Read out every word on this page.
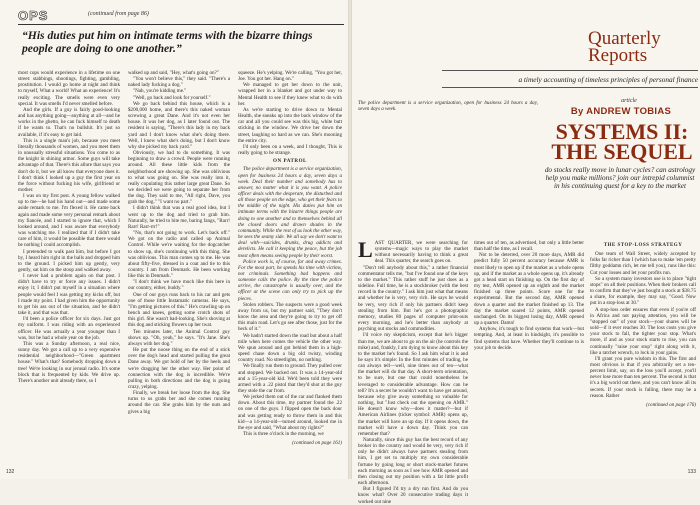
OPS	(continued from page 86)
“His duties put him on intimate terms with the bizarre things people are doing to one another.”

most cops would experience in a lifetime on one street: stabbings, shootings, fighting, gambling, prostitution. I would go home at night and think to myself, What a world! What an experience! It's really exciting. The smells were even very special. It was smells I'd never smelled before.

And the girls. If a guy is fairly good-looking and has anything going—anything at all—and he works in the ghetto, he can fuck himself to death if he wants to. That's no bullshit. It's just so available, if it's easy to get laid.

This is a single man's job, because you meet literally thousands of women, and you meet them in unusually stressful situations. You come to as the knight in shining armor. Some guys will take advantage of that. There's this allure that says you don't do it, but we all know that everyone does it. I don't think I looked up a guy the first year on the force without fucking his wife, girlfriend or mother.

I was on my first post. A young fellow walked up to me—he had his hand out—and made some aside remark to me. I'm flexed it. He came back again and made some very personal remark about my fiancée, and I started to ignore that, which I looked around, and I was aware that everybody was watching me. I realized that if I didn't take care of him, it would be possible that there would be nothing I could accomplish.

I pretended to walk past him, but before I got by, I heard him right in the balls and dropped him to the ground. I picked him up gently, very gently, sat him on the stoop and walked away.

I never had a problem again on that post. I didn't have to try or force any issues. I didn't enjoy it; I didn't put myself in a situation where people would feel I was getting my kicks off, but I made my point. I had given him the opportunity to get his ass out of the situation, and he didn't take it, and that was that.

I'd been a police officer for six days. Just got my uniform. I was riding with an experienced officer. He was actually a year younger than I was, but he had a whole year on the job.

This was a Sunday afternoon, a real nice, sunny day. We got a call up to a very expensive residential neighborhood—"Green apartment house." What's that? Somebody dropping down a tree! We're looking in our jerusal radio. It's some block that is frequented by kids. We drive up. There's another unit already there, so I

walked up and said, "Hey, what's going on?"

"You won't believe this," they said. "There's a naked lady fucking a dog."

"Nah, you're kidding me."

"Well, go back and look for yourself."

We go back behind this house, which is a $200,000 home, and there's this naked woman screwing a great Dane. And it's not even her house. It was her dog, as I later found out. The resident is saying, "There's this lady in my back yard and I don't know what she's doing there. Well, I knew what she's doing, but I don't know why she picked my back yard."

Obviously, we had to do something. It was beginning to draw a crowd. People were running around. All these little kids from the neighborhood are showing up. She was oblivious to what was going on. She was really into it, really copulating this rather large great Dane. So we decided we were going to separate her from the dog. They said to me, "All right, Dave, you grab the dog." "I want no part."

I didn't think that was a real good idea, but I went up to the dog and tried to grab him. Naturally, he tried to bite me, baring fangs, "Rarr! Rarr! Rarr-rrr!"

"No, that's not going to work. Let's back off." We got on the radio and called up Animal Control. While we're waiting for the dogcatcher to show up, she's continuing with this thing. She was oblivious. This man comes up to me. He was about fifty-five, dressed in a coat and tie to this country. I am from Denmark. He been working like this in Denmark."

"I don't think we have much like this here in our country, either, buddy."

One of our guys runs back to his car and gets one of those little Instamatic cameras. He says, "I'm getting pictures of this." He's crawling up on bench and knees, getting some crotch shots of this girl. She wasn't bad-looking. She's shoving at this dog and sticking flowers up her twat.

Ten minutes later, the Animal Control guy shows up. "Oh, yeah," he says. "It's Jane. She's always with her dog."

He put the noose thing on the end of a stick over the dog's head and started pulling the great Dane away. We got hold of her by the heels and we're dragging her the other way. Her point of connection with the dog is incredible. We're pulling in both directions and the dog is going crazy, yelping.

Finally, we break her loose from the dog. She turns to us grabs her and she comes running around the car. She grabs him by the nuts and gives a big

squeeze. He's yelping. We're calling, "You got her, Joe. You got her. Hang on."

We managed to get her down to the unit, wrapped her in a blanket and got under way to Mental Health to see if they knew what to do with her.

As we're starting to drive down to Mental Health, she sneaks up into the back window of the car and all you could see was this big, white butt sticking in the window. We drive her down the street, laughing so hard as we can. She's mooning the entire city.

I'd only been on a week, and I thought, This is really going to be strange.

ON PATROL

The police department is a service organization, open for business 24 hours a day, seven days a week. Deal their number and somebody has to answer, no matter what it is you want. A police officer deals with the desperate, the disturbed and all those people on the edge, who get their fears to the middle of the night. His duties put him on intimate terms with the bizarre things people are doing to one another and to themselves behind all the closed doors and drawn shades in the community. While the rest of us look the other way, he sees the seamy side. We all say we don't want to deal with—suicides, drunks, drug addicts and derelicts. He call it keeping the peace, but the job most often means seeing people by their worst.

Police work is, of course, far and away crimes. For the most part, he spends his time with victims, not criminals. Something bad happens and someone calls the police. By the time the police arrive, the catastrophe is usually over, and the officer at the scene can only try to pick up the pieces.

Stolen robbers. The suspects were a good week away from us, but my partner said, "They don't know the area and they're going to try to get off this main road. Let's go see after those, just for the heck of it."

We hadn't started down the road but about a half mile when here comes the vehicle the other way. We spun around and got behind them in a high-speed chase down a big old twisty, winding country road. No streetlights, no nothing.

We finally run them to ground. They pulled over and stopped. We backed out. It was a 14-year-old and a 15-year-old kid. We'd been told they were armed with a .22 pistol that they'd shot at the guy they stole the car from.

We jerked them out of the car and flanked them down. About this time, my partner found the .22 on one of the guys. I flipped open the back door and was getting ready to throw them in and this kid—a 14-year-old—turned around, looked me in the eye and said, "What about my rights?"

This is three o'clock in the morning, we

(continued on page 161)
132
Quarterly Reports
a timely accounting of timeless principles of personal finance

The police department is a service organization, open for business 24 hours a day, seven days a week.

article
By ANDREW TOBIAS
SYSTEMS II: THE SEQUEL
do stocks really move in lunar cycles? can astrology help you make millions? join our intrepid columnist in his continuing quest for a key to the market

LAST QUARTER, we were searching for systems—magic ways to play the market without necessarily having to think a great deal. This quarter, the search goes on.

"Don't tell anybody about this," a rather financial commentator tells me, "but I've found one of the keys to the market." This rather stuff he just does as a sideline. Full time, he is a stockbroker (with the best record in the country." I ask him just what that means and whether he is very, very rich. He says he would be very, very rich if only his partners didn't keep stealing from him. But he's got a photographic memory, studies 80 pages of computer print-outs every morning, and he's better than anybody at psyching out stocks and commodities.

I'd voice my skepticism, except that he's bigger than me, we are about to go on the air (he controls the mike) and, frankly, I am dying to know about this key to the market he's found. So I ask him what it is and he says it's simple: In the first minutes of trading, he can always tell—well, nine times out of ten—what the market will do that day. A short-term orientation, to be sure, but one that could nonetheless be leveraged to considerable advantage. How can he tell? It's a secret he wouldn't want to have get around, because why give away something so valuable for nothing, but "Just check out the opening on AMR." He doesn't know why—does it matter?—but if American Airlines (ticker symbol: AMR) opens up, the market will have an up day. If it opens down, the market will have a down day. Think you can remember that?

Naturally, since this guy has the best record of any broker in the country and would be very, very rich if only he didn't always have partners stealing from him, I get set to multiply my own considerable fortune by going long or short stock-market futures each morning as soon as I see how AMR opened and then closing out my position with a fat little profit each afternoon.

But I figured I'd try a dry run first. And do you know what? Over 20 consecutive trading days it worked out nine

times out of ten, as advertised, but only a little better than half the time, as I recall.

Not to be deterred, over 20 more days, AMR did predict fully 50 percent accuracy because AMR is most likely to open up if the market as a whole opens up, and if the market as a whole opens up, it's already got a head start on finishing up. On the first day of my test, AMR opened up an eighth and the market finished up three points. Score one for the experimental. But the second day, AMR opened down a quarter and the market finished up 13. The day the market soared 12 points, AMR opened unchanged. On its biggest losing day, AMR opened up a quarter. Damn!

Anyhow, it's tough to find systems that work—but tempting. And, at least in hindsight, it's possible to find systems that have. Whether they'll continue to is your job to decide.

THE STOP-LOSS STRATEGY

One team of Wall Street, widely accepted by folks far richer than I (which has to make 'em pretty filthy goddamn rich, let me tell you), runs like this: Cut your losses and let your profits run.

So a system many investors use is to place "tight stops" on all their positions. When their brokers call to confirm that they've just bought a stock at $38.75 a share, for example, they may say, "Good. Now put in a stop-loss at 30."

A stop-loss order ensures that even if you're off in Africa and not paying attention, you will be "stopped out" of your stock—your shares will be sold—if it ever reaches 30. The loss costs you give your stock to fall, the tighter your stop. What's more, if and as your stock starts to rise, you can continually "raise your stop" right along with it, like a ratchet wrench, to lock in your gains.

I'll grant you pure wisdom in this. The first and most obvious is that if you arbitrarily set a ten-percent limit, say, on the loss you'll accept, you'll never lose more than ten percent. The second is that it's a big world out there, and you can't know all its secrets. If your stock is falling, there may be a reason. Rather

(continued on page 176)
133
